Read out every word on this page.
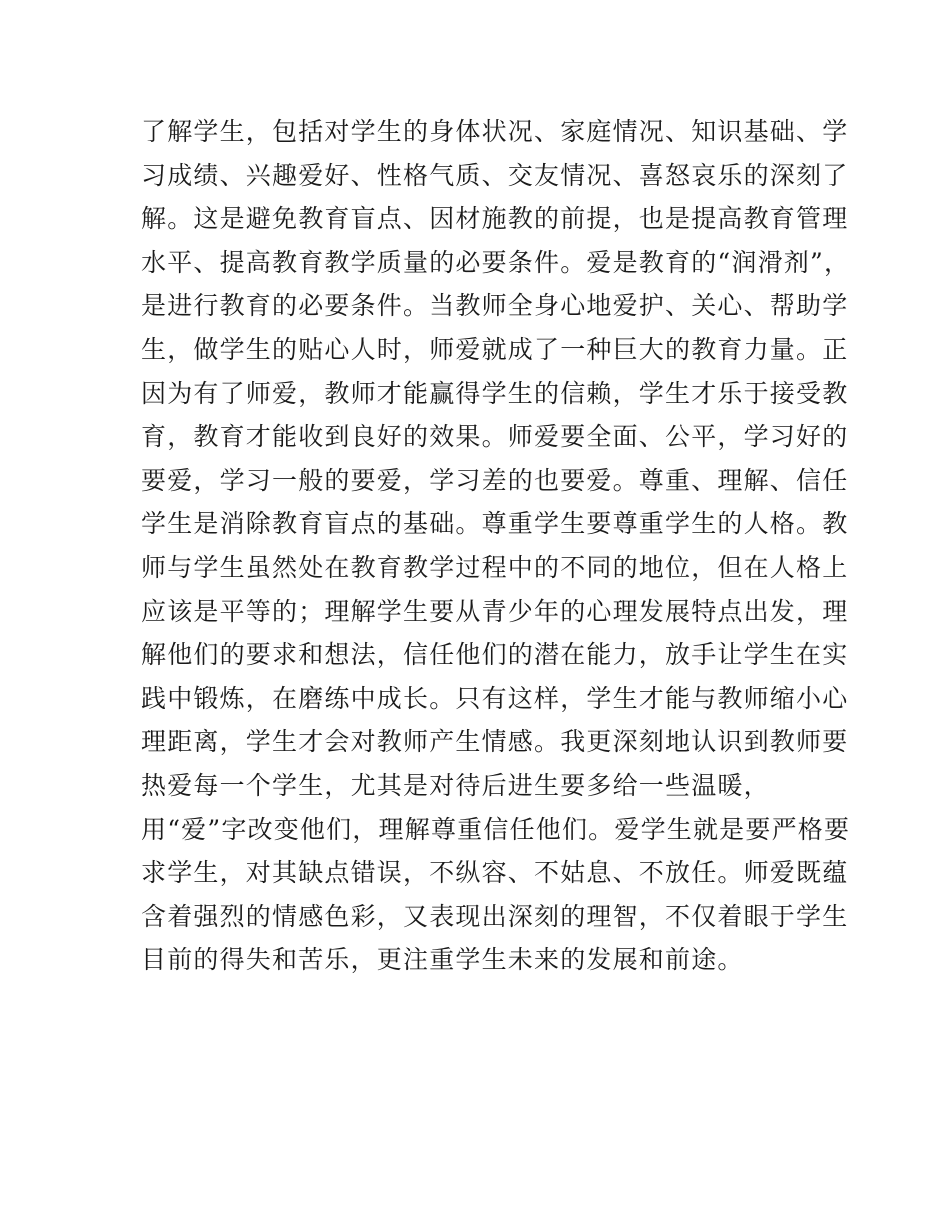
了解学生，包括对学生的身体状况、家庭情况、知识基础、学
习成绩、兴趣爱好、性格气质、交友情况、喜怒哀乐的深刻了
解。这是避免教育盲点、因材施教的前提，也是提高教育管理
水平、提高教育教学质量的必要条件。爱是教育的“润滑剂”，
是进行教育的必要条件。当教师全身心地爱护、关心、帮助学
生，做学生的贴心人时，师爱就成了一种巨大的教育力量。正
因为有了师爱，教师才能赢得学生的信赖，学生才乐于接受教
育，教育才能收到良好的效果。师爱要全面、公平，学习好的
要爱，学习一般的要爱，学习差的也要爱。尊重、理解、信任
学生是消除教育盲点的基础。尊重学生要尊重学生的人格。教
师与学生虽然处在教育教学过程中的不同的地位，但在人格上
应该是平等的；理解学生要从青少年的心理发展特点出发，理
解他们的要求和想法，信任他们的潜在能力，放手让学生在实
践中锻炼，在磨练中成长。只有这样，学生才能与教师缩小心
理距离，学生才会对教师产生情感。我更深刻地认识到教师要
热爱每一个学生，尤其是对待后进生要多给一些温暖，
用“爱”字改变他们，理解尊重信任他们。爱学生就是要严格要
求学生，对其缺点错误，不纵容、不姑息、不放任。师爱既蕴
含着强烈的情感色彩，又表现出深刻的理智，不仅着眼于学生
目前的得失和苦乐，更注重学生未来的发展和前途。
